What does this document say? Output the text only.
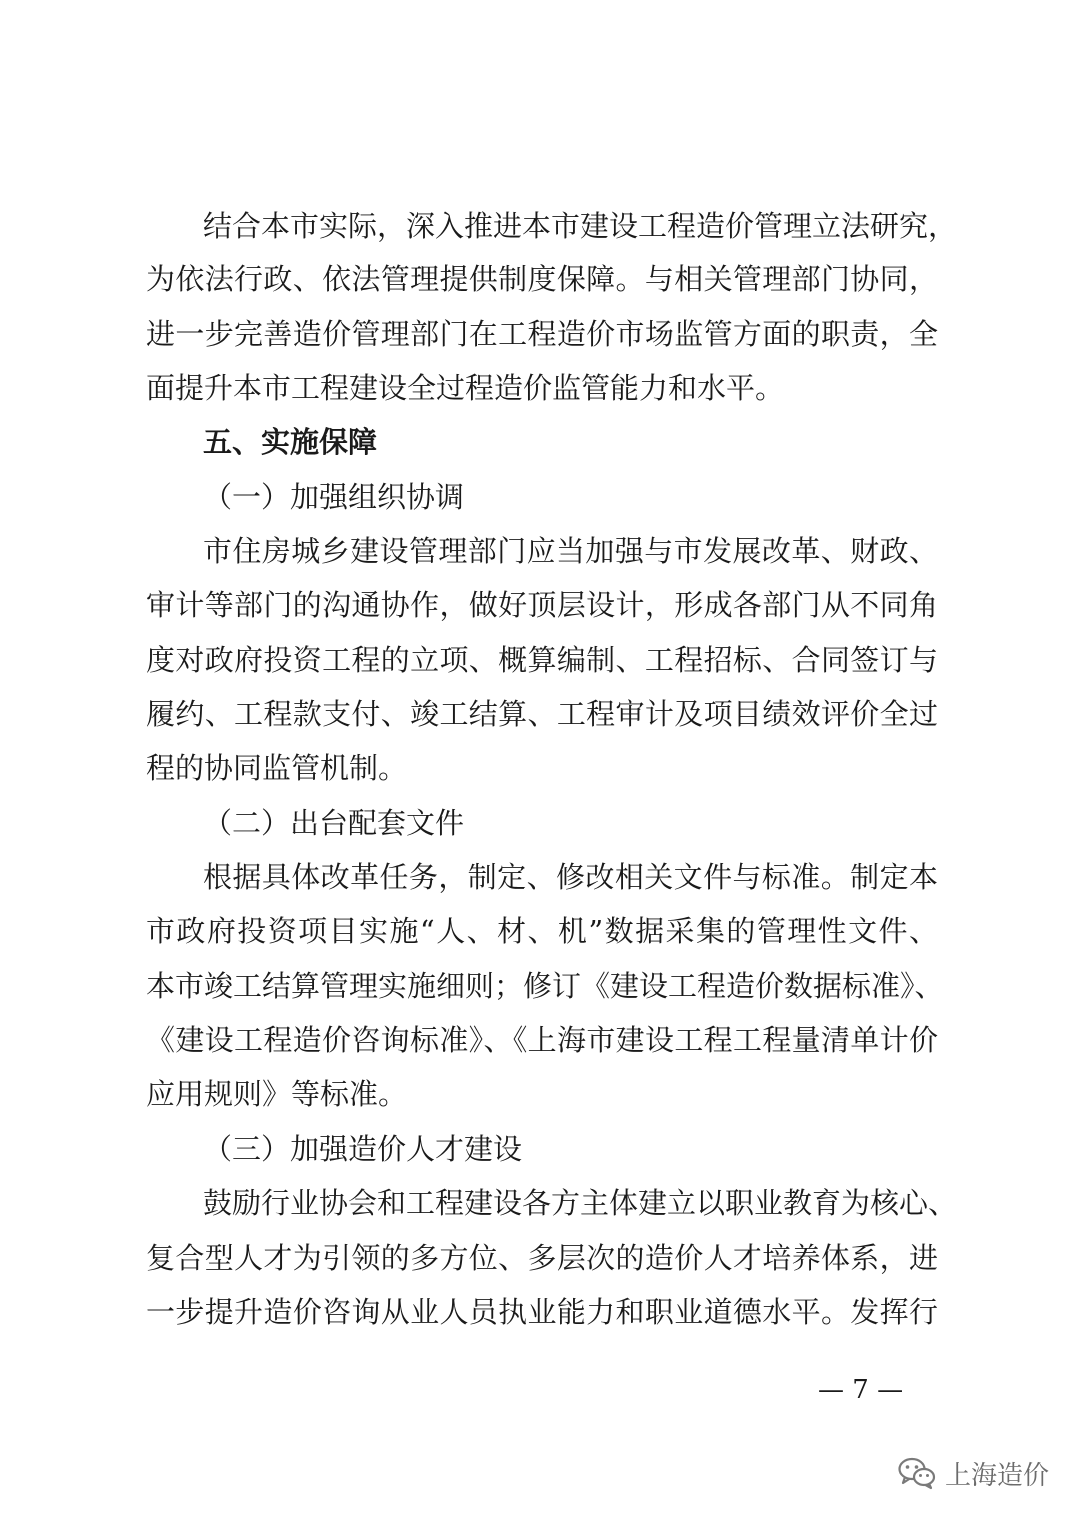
结合本市实际，深入推进本市建设工程造价管理立法研究，
为依法行政、依法管理提供制度保障。与相关管理部门协同，
进一步完善造价管理部门在工程造价市场监管方面的职责，全
面提升本市工程建设全过程造价监管能力和水平。
五、实施保障
（一）加强组织协调
市住房城乡建设管理部门应当加强与市发展改革、财政、
审计等部门的沟通协作，做好顶层设计，形成各部门从不同角
度对政府投资工程的立项、概算编制、工程招标、合同签订与
履约、工程款支付、竣工结算、工程审计及项目绩效评价全过
程的协同监管机制。
（二）出台配套文件
根据具体改革任务，制定、修改相关文件与标准。制定本
市政府投资项目实施“人、材、机”数据采集的管理性文件、
本市竣工结算管理实施细则；修订《建设工程造价数据标准》、
《建设工程造价咨询标准》、《上海市建设工程工程量清单计价
应用规则》等标准。
（三）加强造价人才建设
鼓励行业协会和工程建设各方主体建立以职业教育为核心、
复合型人才为引领的多方位、多层次的造价人才培养体系，进
一步提升造价咨询从业人员执业能力和职业道德水平。发挥行
— 7 —
上海造价
